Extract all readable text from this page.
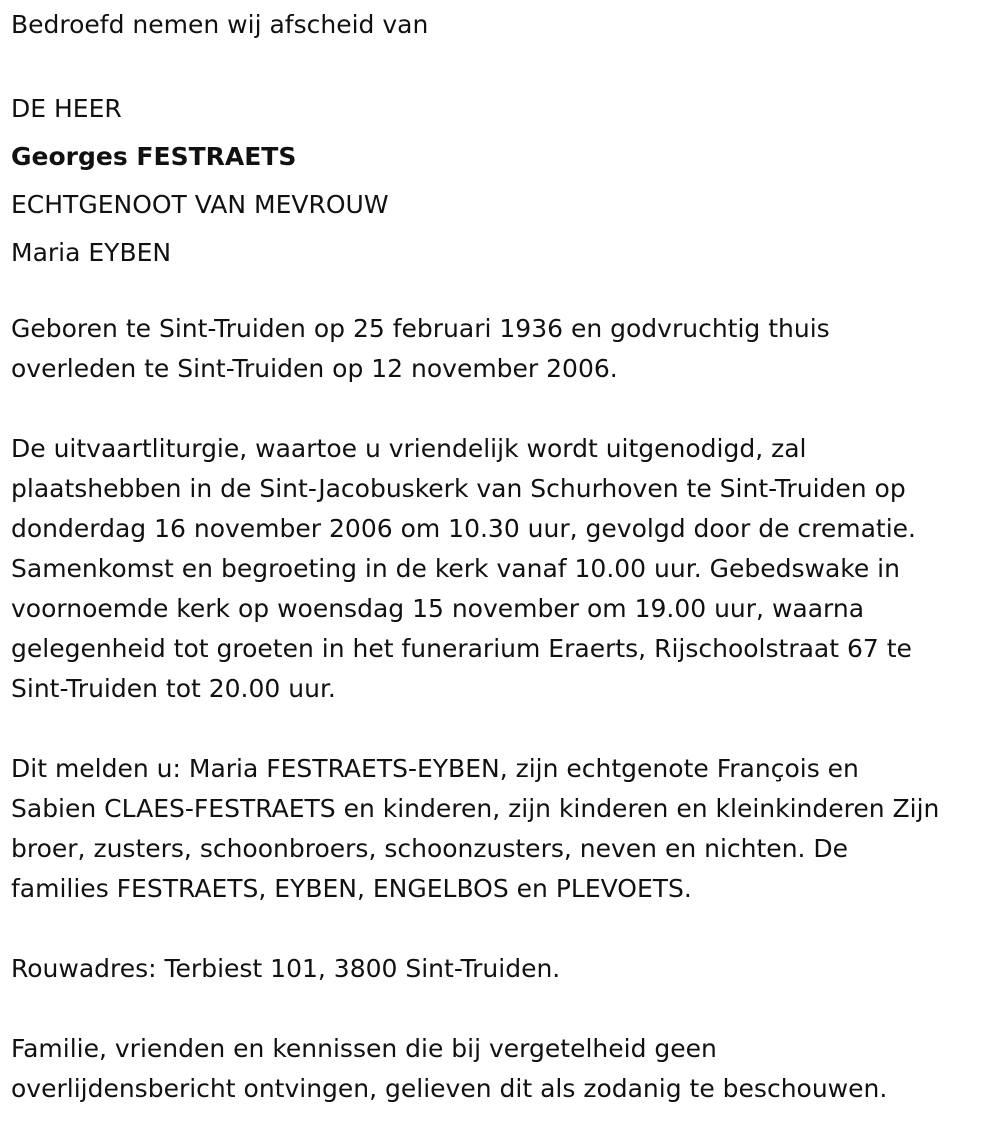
Bedroefd nemen wij afscheid van
DE HEER
Georges FESTRAETS
ECHTGENOOT VAN MEVROUW
Maria EYBEN
Geboren te Sint-Truiden op 25 februari 1936 en godvruchtig thuis
overleden te Sint-Truiden op 12 november 2006.
De uitvaartliturgie, waartoe u vriendelijk wordt uitgenodigd, zal
plaatshebben in de Sint-Jacobuskerk van Schurhoven te Sint-Truiden op
donderdag 16 november 2006 om 10.30 uur, gevolgd door de crematie.
Samenkomst en begroeting in de kerk vanaf 10.00 uur. Gebedswake in
voornoemde kerk op woensdag 15 november om 19.00 uur, waarna
gelegenheid tot groeten in het funerarium Eraerts, Rijschoolstraat 67 te
Sint-Truiden tot 20.00 uur.
Dit melden u: Maria FESTRAETS-EYBEN, zijn echtgenote François en
Sabien CLAES-FESTRAETS en kinderen, zijn kinderen en kleinkinderen Zijn
broer, zusters, schoonbroers, schoonzusters, neven en nichten. De
families FESTRAETS, EYBEN, ENGELBOS en PLEVOETS.
Rouwadres: Terbiest 101, 3800 Sint-Truiden.
Familie, vrienden en kennissen die bij vergetelheid geen
overlijdensbericht ontvingen, gelieven dit als zodanig te beschouwen.
